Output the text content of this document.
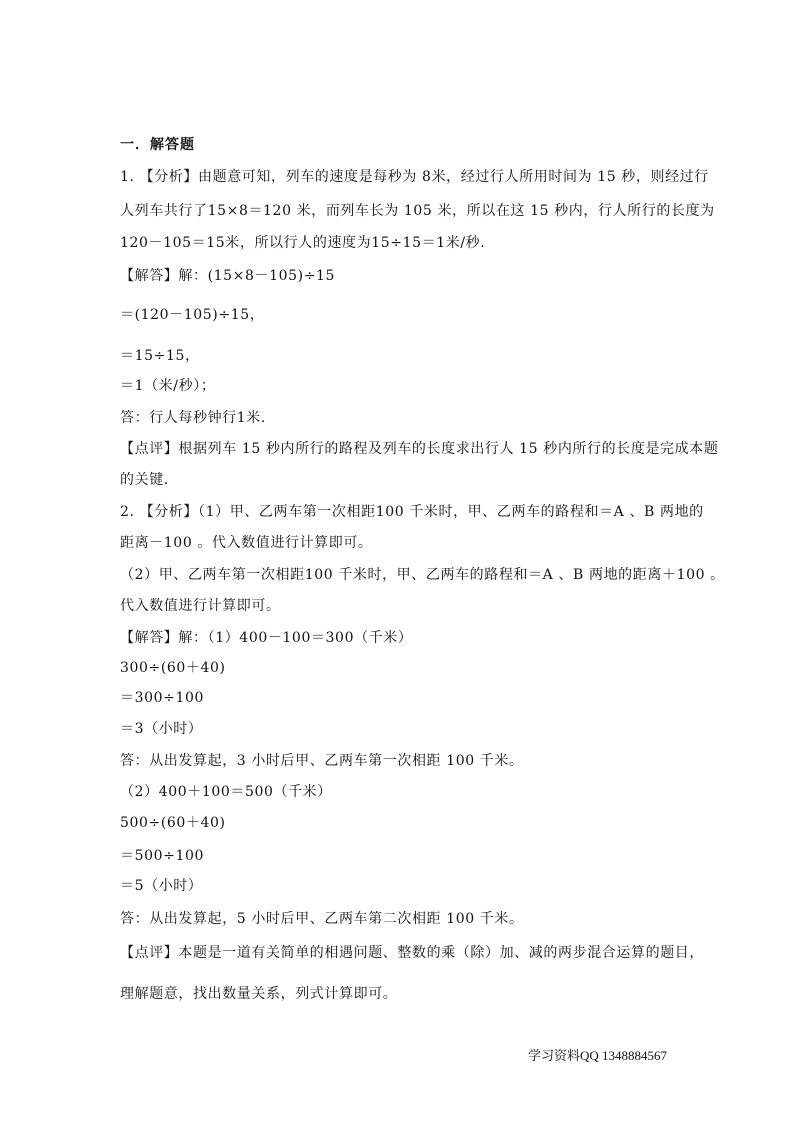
一．解答题
1. 【分析】由题意可知，列车的速度是每秒为 8米，经过行人所用时间为 15 秒，则经过行
人列车共行了15×8＝120 米，而列车长为 105 米，所以在这 15 秒内，行人所行的长度为
120－105＝15米，所以行人的速度为15÷15＝1米/秒.
【解答】解：(15×8－105)÷15
＝(120－105)÷15，
＝15÷15，
＝1（米/秒）；
答：行人每秒钟行1米.
【点评】根据列车 15 秒内所行的路程及列车的长度求出行人 15 秒内所行的长度是完成本题
的关键.
2. 【分析】（1）甲、乙两车第一次相距100 千米时，甲、乙两车的路程和＝A 、B 两地的
距离－100 。代入数值进行计算即可。
（2）甲、乙两车第一次相距100 千米时，甲、乙两车的路程和＝A 、B 两地的距离＋100 。
代入数值进行计算即可。
【解答】解：（1）400－100＝300（千米）
300÷(60＋40)
＝300÷100
＝3（小时）
答：从出发算起，3 小时后甲、乙两车第一次相距 100 千米。
（2）400＋100＝500（千米）
500÷(60＋40)
＝500÷100
＝5（小时）
答：从出发算起，5 小时后甲、乙两车第二次相距 100 千米。
【点评】本题是一道有关简单的相遇问题、整数的乘（除）加、减的两步混合运算的题目，
理解题意，找出数量关系，列式计算即可。
学习资料QQ 1348884567
